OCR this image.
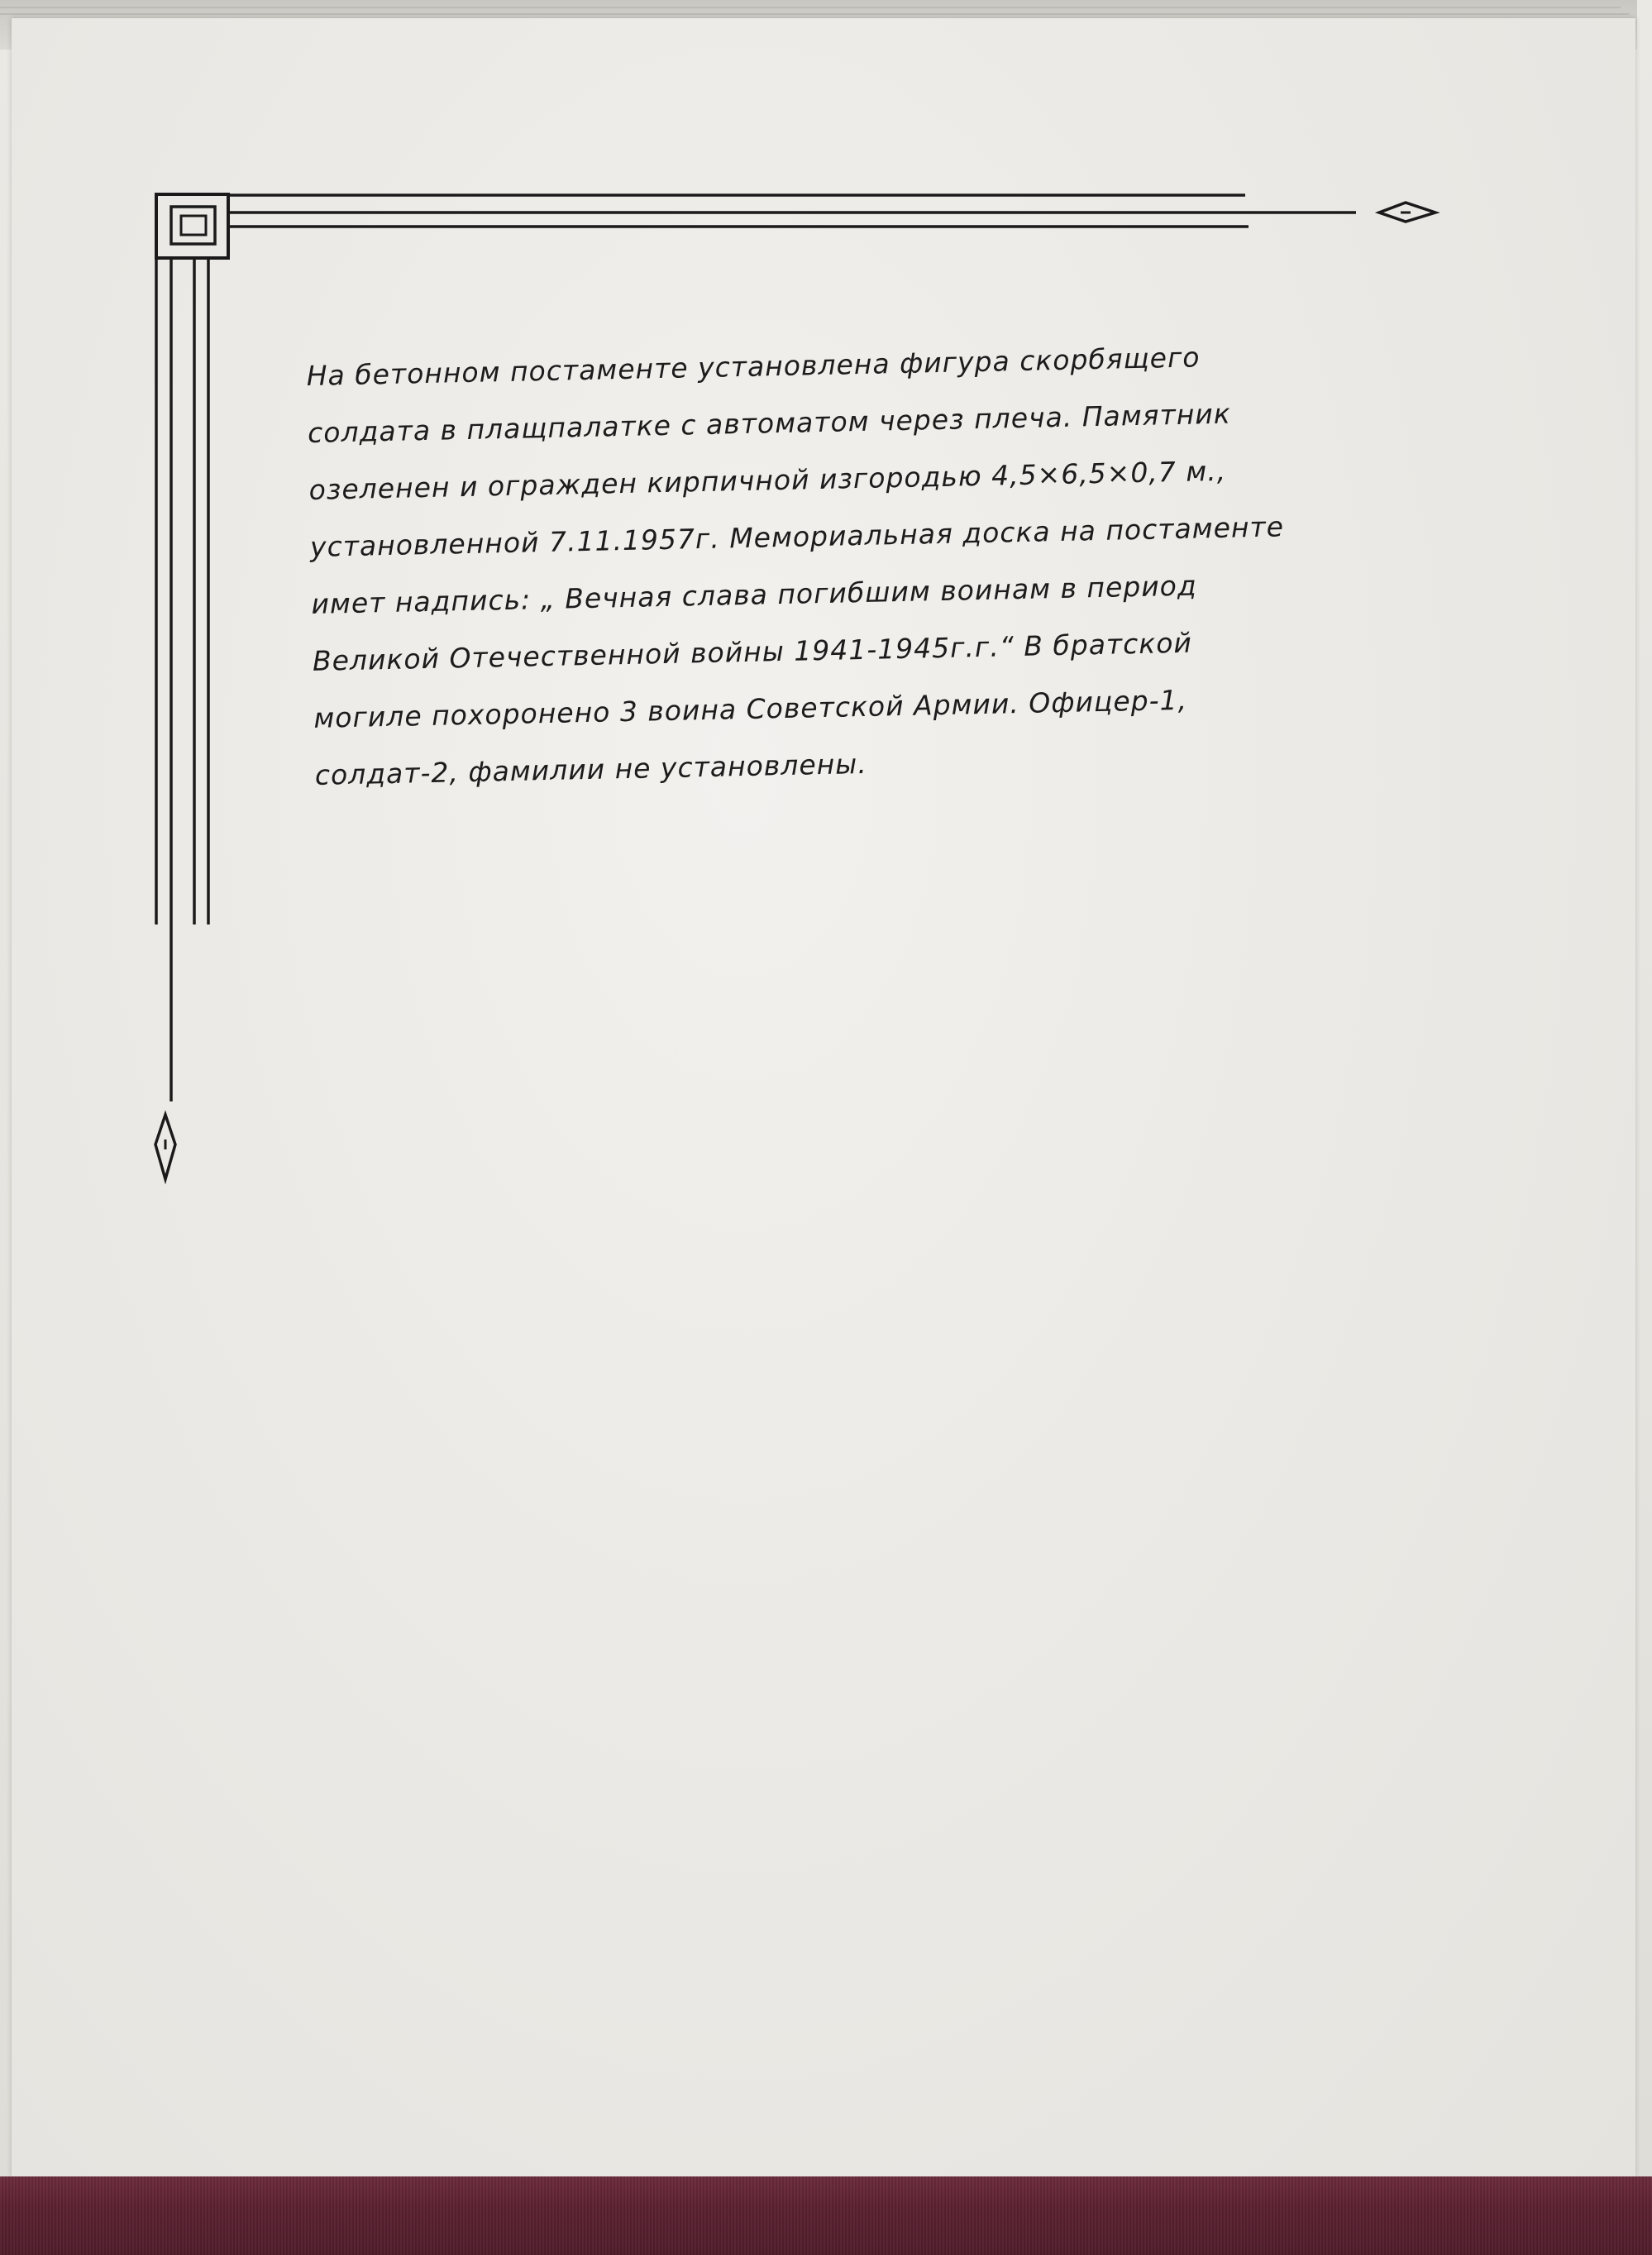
На бетонном постаменте установлена фигура скорбящего
солдата в плащпалатке с автоматом через плеча. Памятник
озеленен и огражден кирпичной изгородью 4,5×6,5×0,7 м.,
установленной 7.11.1957г. Мемориальная доска на постаменте
имет надпись: „ Вечная слава погибшим воинам в период
Великой Отечественной войны 1941-1945г.г.“ В братской
могиле похоронено 3 воина Советской Армии. Офицер-1,
солдат-2, фамилии не установлены.
